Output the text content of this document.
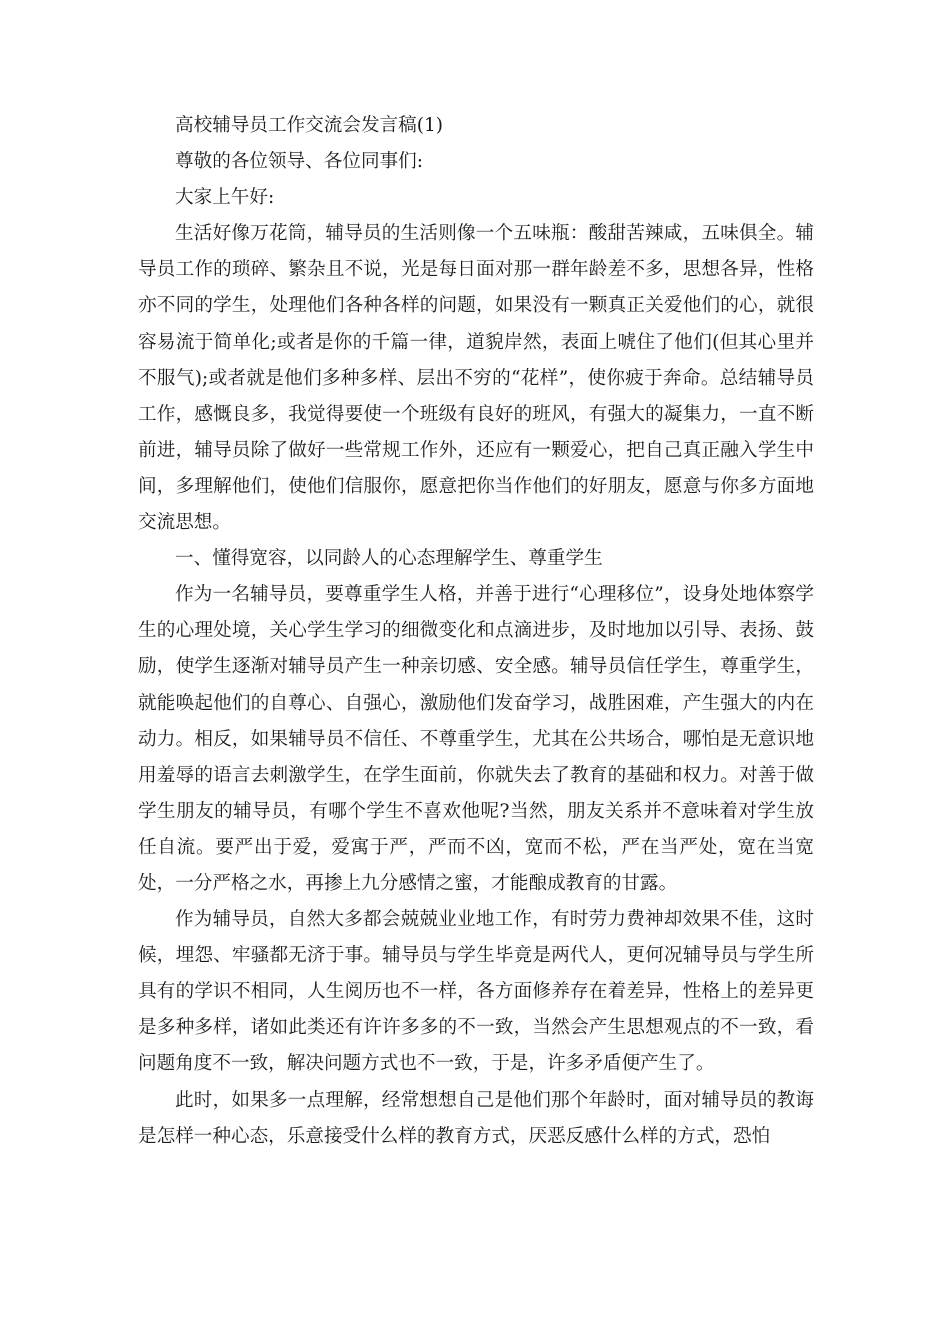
高校辅导员工作交流会发言稿(1)

尊敬的各位领导、各位同事们:

大家上午好:

生活好像万花筒，辅导员的生活则像一个五味瓶：酸甜苦辣咸，五味俱全。辅导员工作的琐碎、繁杂且不说，光是每日面对那一群年龄差不多，思想各异，性格亦不同的学生，处理他们各种各样的问题，如果没有一颗真正关爱他们的心，就很容易流于简单化;或者是你的千篇一律，道貌岸然，表面上唬住了他们(但其心里并不服气);或者就是他们多种多样、层出不穷的“花样”，使你疲于奔命。总结辅导员工作，感慨良多，我觉得要使一个班级有良好的班风，有强大的凝集力，一直不断前进，辅导员除了做好一些常规工作外，还应有一颗爱心，把自己真正融入学生中间，多理解他们，使他们信服你，愿意把你当作他们的好朋友，愿意与你多方面地交流思想。

一、懂得宽容，以同龄人的心态理解学生、尊重学生

作为一名辅导员，要尊重学生人格，并善于进行“心理移位”，设身处地体察学生的心理处境，关心学生学习的细微变化和点滴进步，及时地加以引导、表扬、鼓励，使学生逐渐对辅导员产生一种亲切感、安全感。辅导员信任学生，尊重学生，就能唤起他们的自尊心、自强心，激励他们发奋学习，战胜困难，产生强大的内在动力。相反，如果辅导员不信任、不尊重学生，尤其在公共场合，哪怕是无意识地用羞辱的语言去刺激学生，在学生面前，你就失去了教育的基础和权力。对善于做学生朋友的辅导员，有哪个学生不喜欢他呢?当然，朋友关系并不意味着对学生放任自流。要严出于爱，爱寓于严，严而不凶，宽而不松，严在当严处，宽在当宽处，一分严格之水，再掺上九分感情之蜜，才能酿成教育的甘露。

作为辅导员，自然大多都会兢兢业业地工作，有时劳力费神却效果不佳，这时候，埋怨、牢骚都无济于事。辅导员与学生毕竟是两代人，更何况辅导员与学生所具有的学识不相同，人生阅历也不一样，各方面修养存在着差异，性格上的差异更是多种多样，诸如此类还有许许多多的不一致，当然会产生思想观点的不一致，看问题角度不一致，解决问题方式也不一致，于是，许多矛盾便产生了。

此时，如果多一点理解，经常想想自己是他们那个年龄时，面对辅导员的教诲是怎样一种心态，乐意接受什么样的教育方式，厌恶反感什么样的方式，恐怕
